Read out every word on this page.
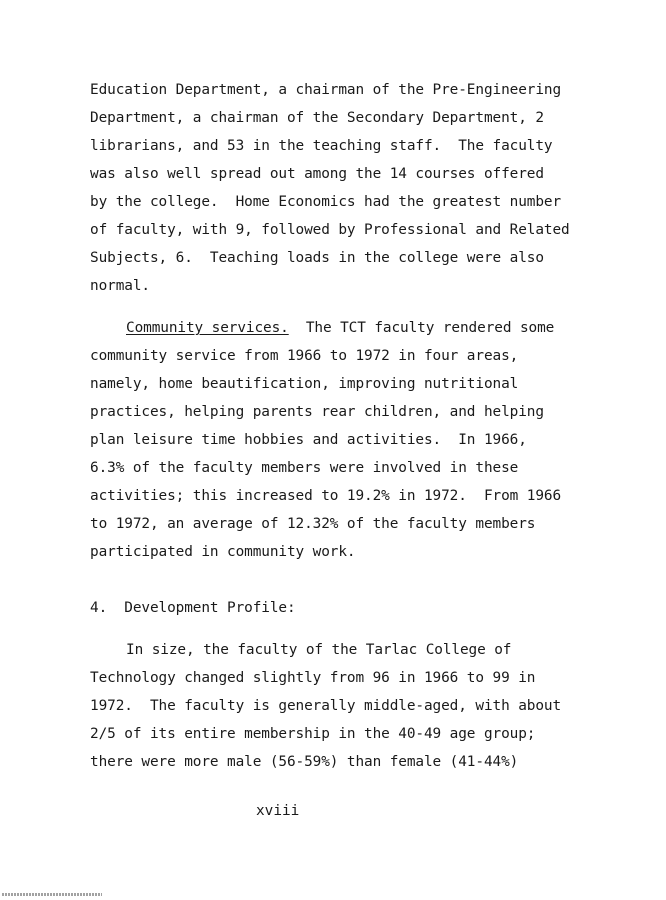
Education Department, a chairman of the Pre-Engineering
Department, a chairman of the Secondary Department, 2
librarians, and 53 in the teaching staff.  The faculty
was also well spread out among the 14 courses offered
by the college.  Home Economics had the greatest number
of faculty, with 9, followed by Professional and Related
Subjects, 6.  Teaching loads in the college were also
normal.
Community services.  The TCT faculty rendered some
community service from 1966 to 1972 in four areas,
namely, home beautification, improving nutritional
practices, helping parents rear children, and helping
plan leisure time hobbies and activities.  In 1966,
6.3% of the faculty members were involved in these
activities; this increased to 19.2% in 1972.  From 1966
to 1972, an average of 12.32% of the faculty members
participated in community work.
4.  Development Profile:
In size, the faculty of the Tarlac College of
Technology changed slightly from 96 in 1966 to 99 in
1972.  The faculty is generally middle-aged, with about
2/5 of its entire membership in the 40-49 age group;
there were more male (56-59%) than female (41-44%)
xviii
